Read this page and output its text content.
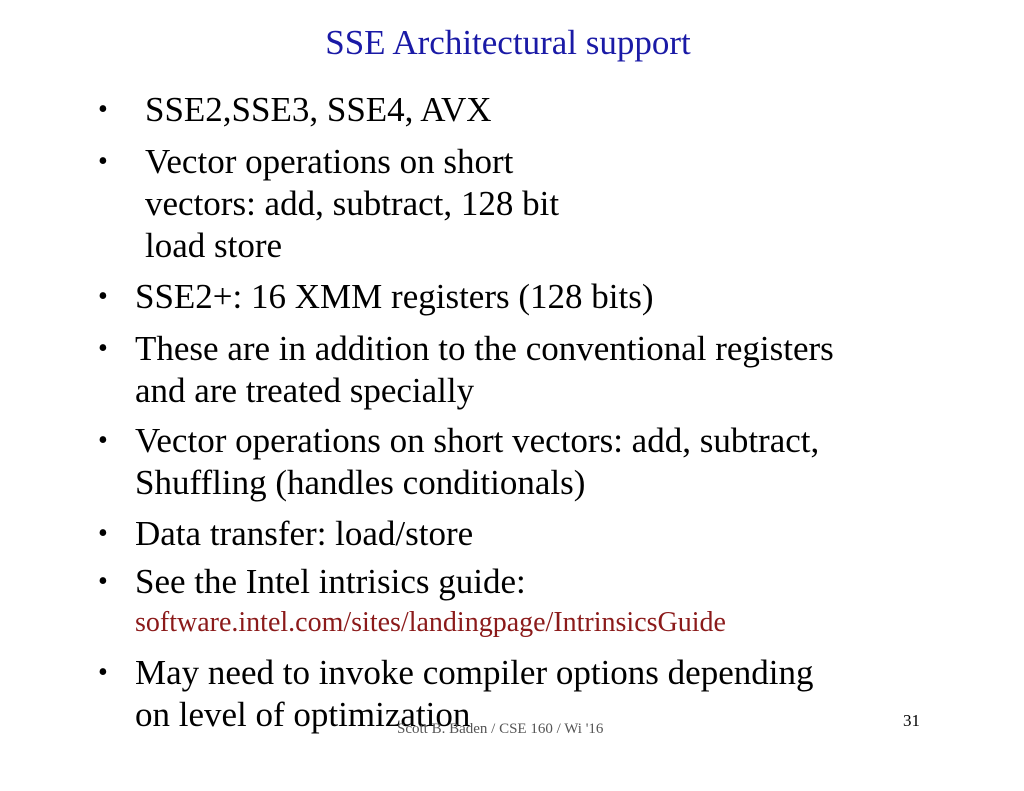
SSE Architectural support
• SSE2,SSE3, SSE4, AVX
• Vector operations on short
vectors: add, subtract, 128 bit
load store
• SSE2+: 16 XMM registers (128 bits)
• These are in addition to the conventional registers
and are treated specially
• Vector operations on short vectors: add, subtract,
Shuffling (handles conditionals)
• Data transfer: load/store
• See the Intel intrisics guide:
software.intel.com/sites/landingpage/IntrinsicsGuide
• May need to invoke compiler options depending
on level of optimization
Scott B. Baden / CSE 160 / Wi '16	31
